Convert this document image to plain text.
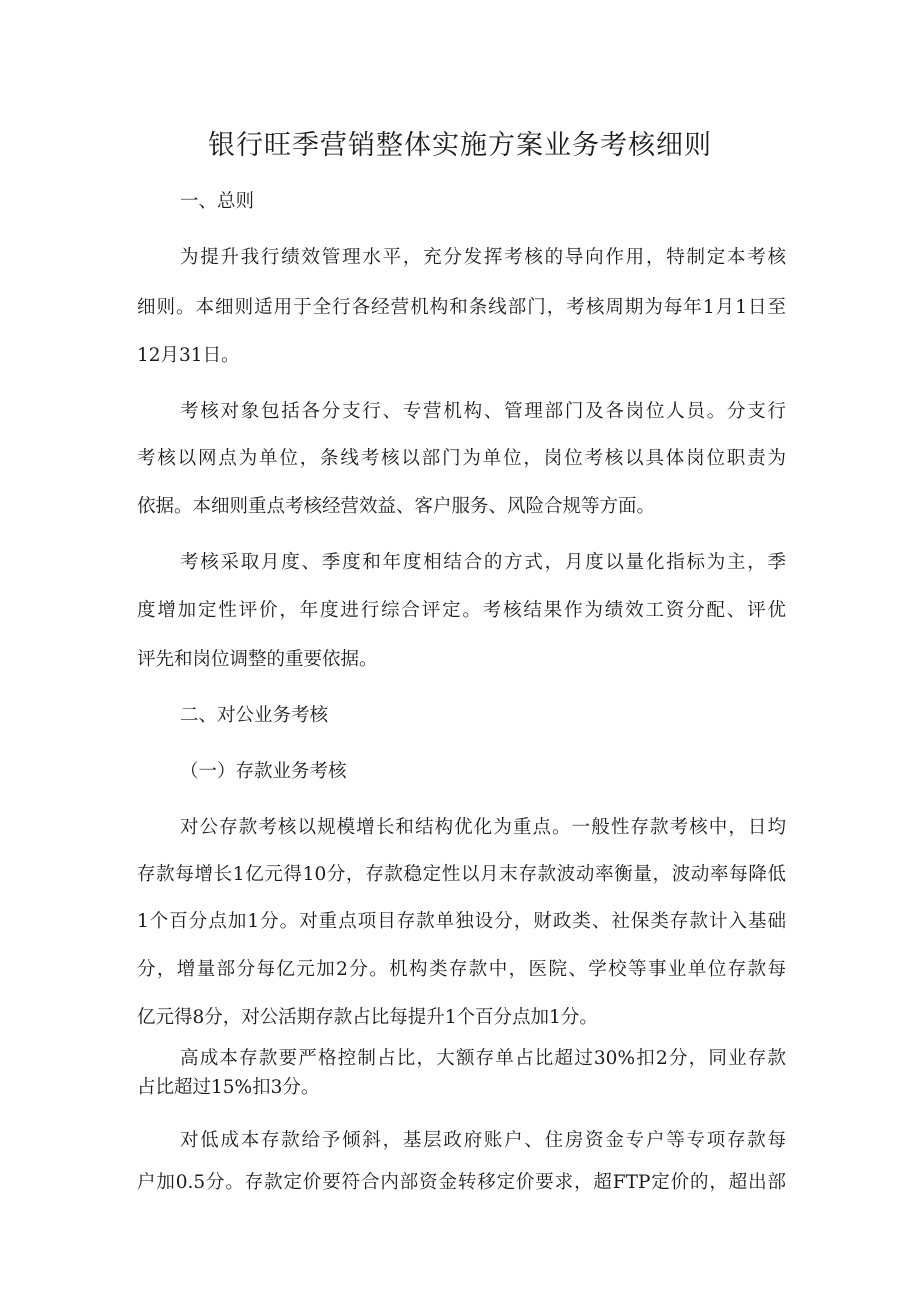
银行旺季营销整体实施方案业务考核细则
一、总则
为提升我行绩效管理水平，充分发挥考核的导向作用，特制定本考核
细则。本细则适用于全行各经营机构和条线部门，考核周期为每年1月1日至
12月31日。
考核对象包括各分支行、专营机构、管理部门及各岗位人员。分支行
考核以网点为单位，条线考核以部门为单位，岗位考核以具体岗位职责为
依据。本细则重点考核经营效益、客户服务、风险合规等方面。
考核采取月度、季度和年度相结合的方式，月度以量化指标为主，季
度增加定性评价，年度进行综合评定。考核结果作为绩效工资分配、评优
评先和岗位调整的重要依据。
二、对公业务考核
（一）存款业务考核
对公存款考核以规模增长和结构优化为重点。一般性存款考核中，日均
存款每增长1亿元得10分，存款稳定性以月末存款波动率衡量，波动率每降低
1个百分点加1分。对重点项目存款单独设分，财政类、社保类存款计入基础
分，增量部分每亿元加2分。机构类存款中，医院、学校等事业单位存款每
亿元得8分，对公活期存款占比每提升1个百分点加1分。
高成本存款要严格控制占比，大额存单占比超过30%扣2分，同业存款
占比超过15%扣3分。
对低成本存款给予倾斜，基层政府账户、住房资金专户等专项存款每
户加0.5分。存款定价要符合内部资金转移定价要求，超FTP定价的，超出部
